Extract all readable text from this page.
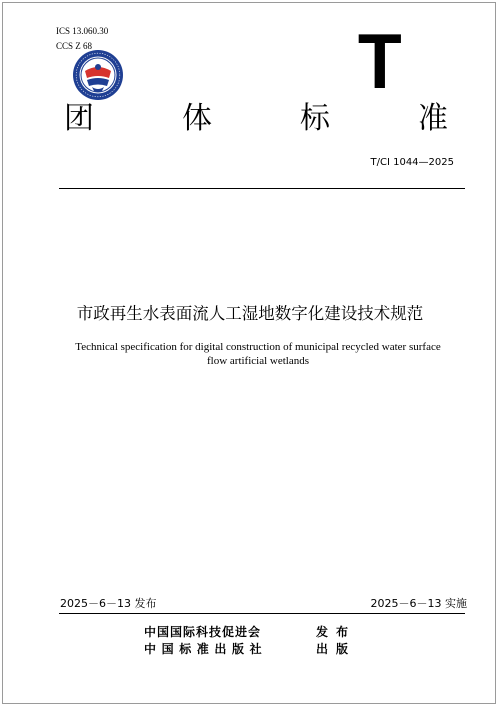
ICS 13.060.30
CCS Z 68	T
团	体	标	准
T/CI 1044—2025
市政再生水表面流人工湿地数字化建设技术规范
Technical specification for digital construction of municipal recycled water surface
flow artificial wetlands
2025－6－13 发布	2025－6－13 实施
中国国际科技促进会	发布
中国标准出版社	出版
